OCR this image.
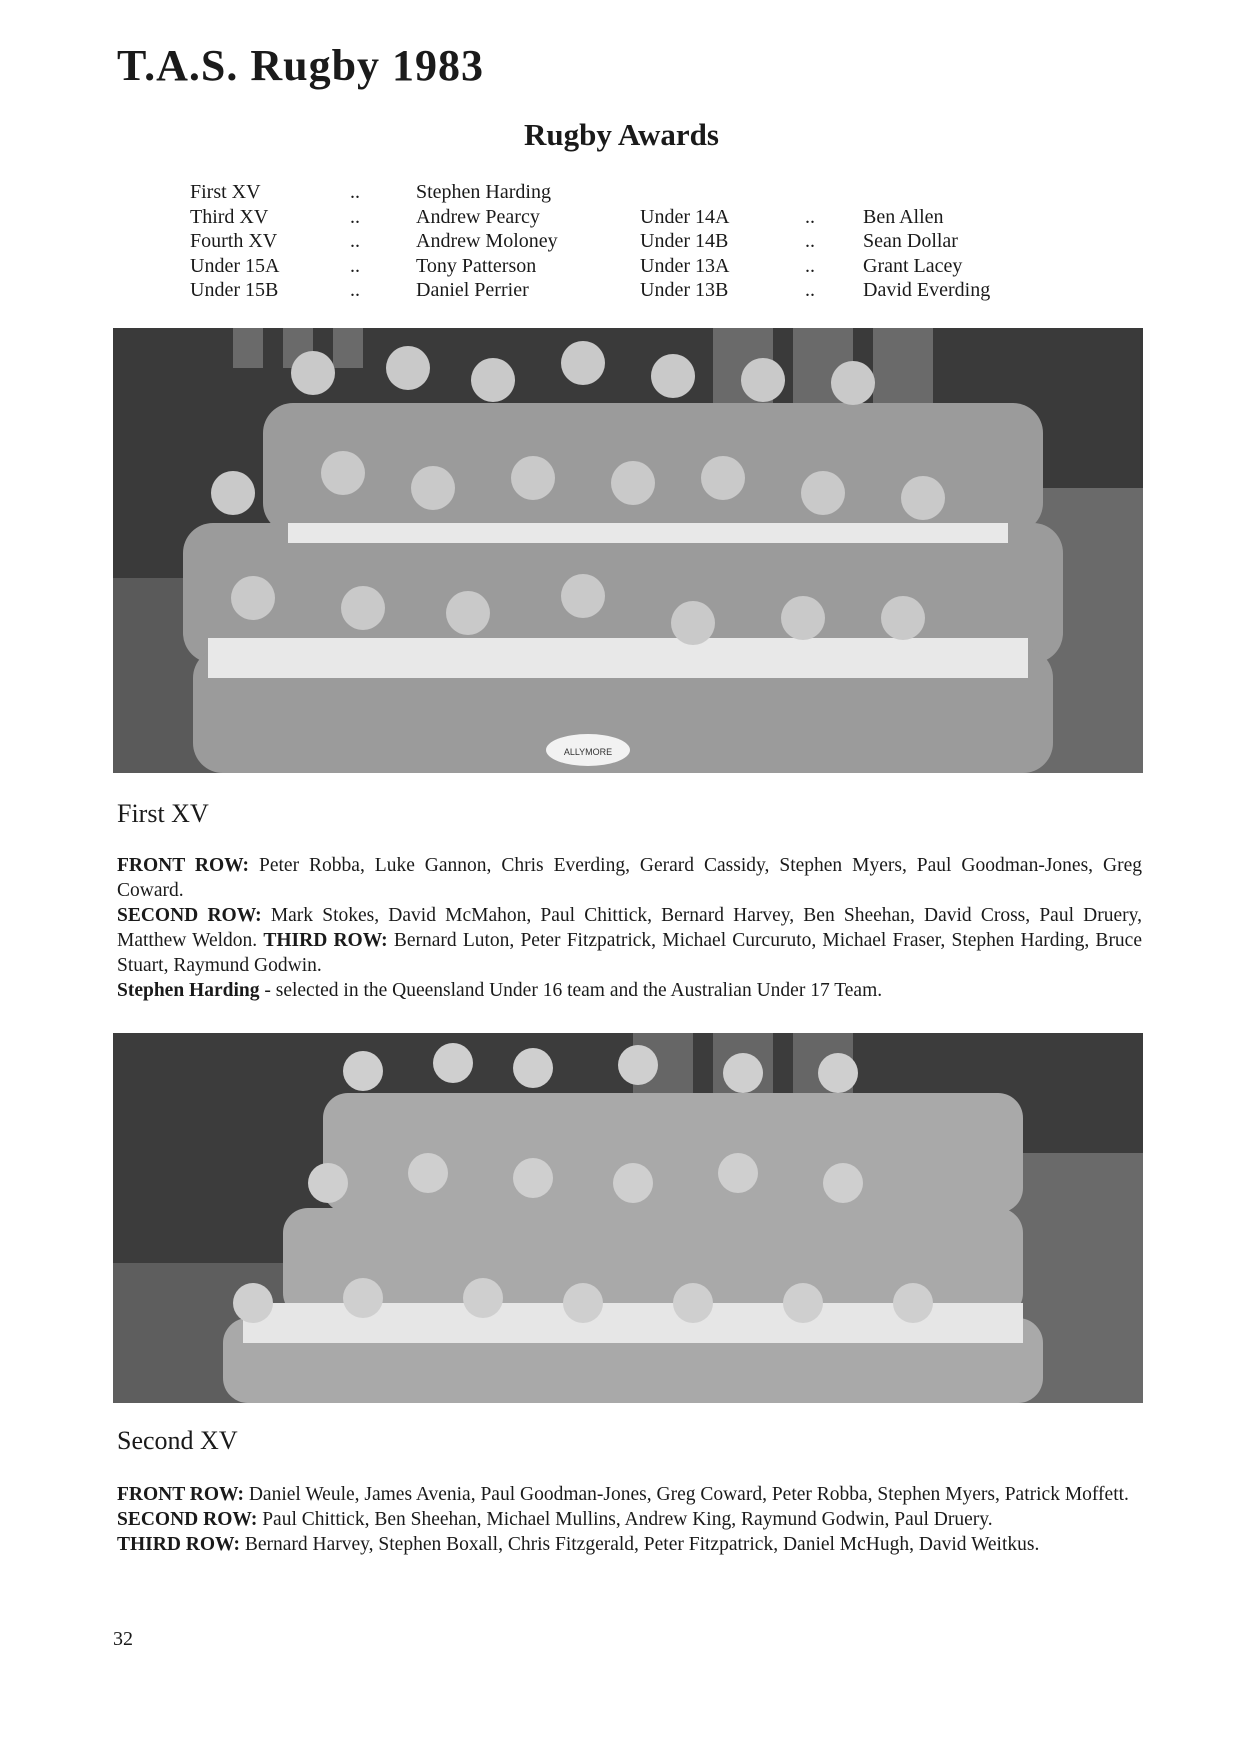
T.A.S. Rugby 1983
Rugby Awards
First XV	..	Stephen Harding
Third XV	..	Andrew Pearcy	Under 14A	.. Ben Allen
Fourth XV	..	Andrew Moloney	Under 14B	.. Sean Dollar
Under 15A	..	Tony Patterson	Under 13A	.. Grant Lacey
Under 15B	..	Daniel Perrier	Under 13B	.. David Everding
ALLYMORE
First XV

FRONT ROW: Peter Robba, Luke Gannon, Chris Everding, Gerard Cassidy, Stephen Myers, Paul Goodman-Jones, Greg Coward.

SECOND ROW: Mark Stokes, David McMahon, Paul Chittick, Bernard Harvey, Ben Sheehan, David Cross, Paul Druery, Matthew Weldon. THIRD ROW: Bernard Luton, Peter Fitzpatrick, Michael Curcuruto, Michael Fraser, Stephen Harding, Bruce Stuart, Raymund Godwin.

Stephen Harding - selected in the Queensland Under 16 team and the Australian Under 17 Team.

Second XV

FRONT ROW: Daniel Weule, James Avenia, Paul Goodman-Jones, Greg Coward, Peter Robba, Stephen Myers, Patrick Moffett.

SECOND ROW: Paul Chittick, Ben Sheehan, Michael Mullins, Andrew King, Raymund Godwin, Paul Druery.

THIRD ROW: Bernard Harvey, Stephen Boxall, Chris Fitzgerald, Peter Fitzpatrick, Daniel McHugh, David Weitkus.

32
